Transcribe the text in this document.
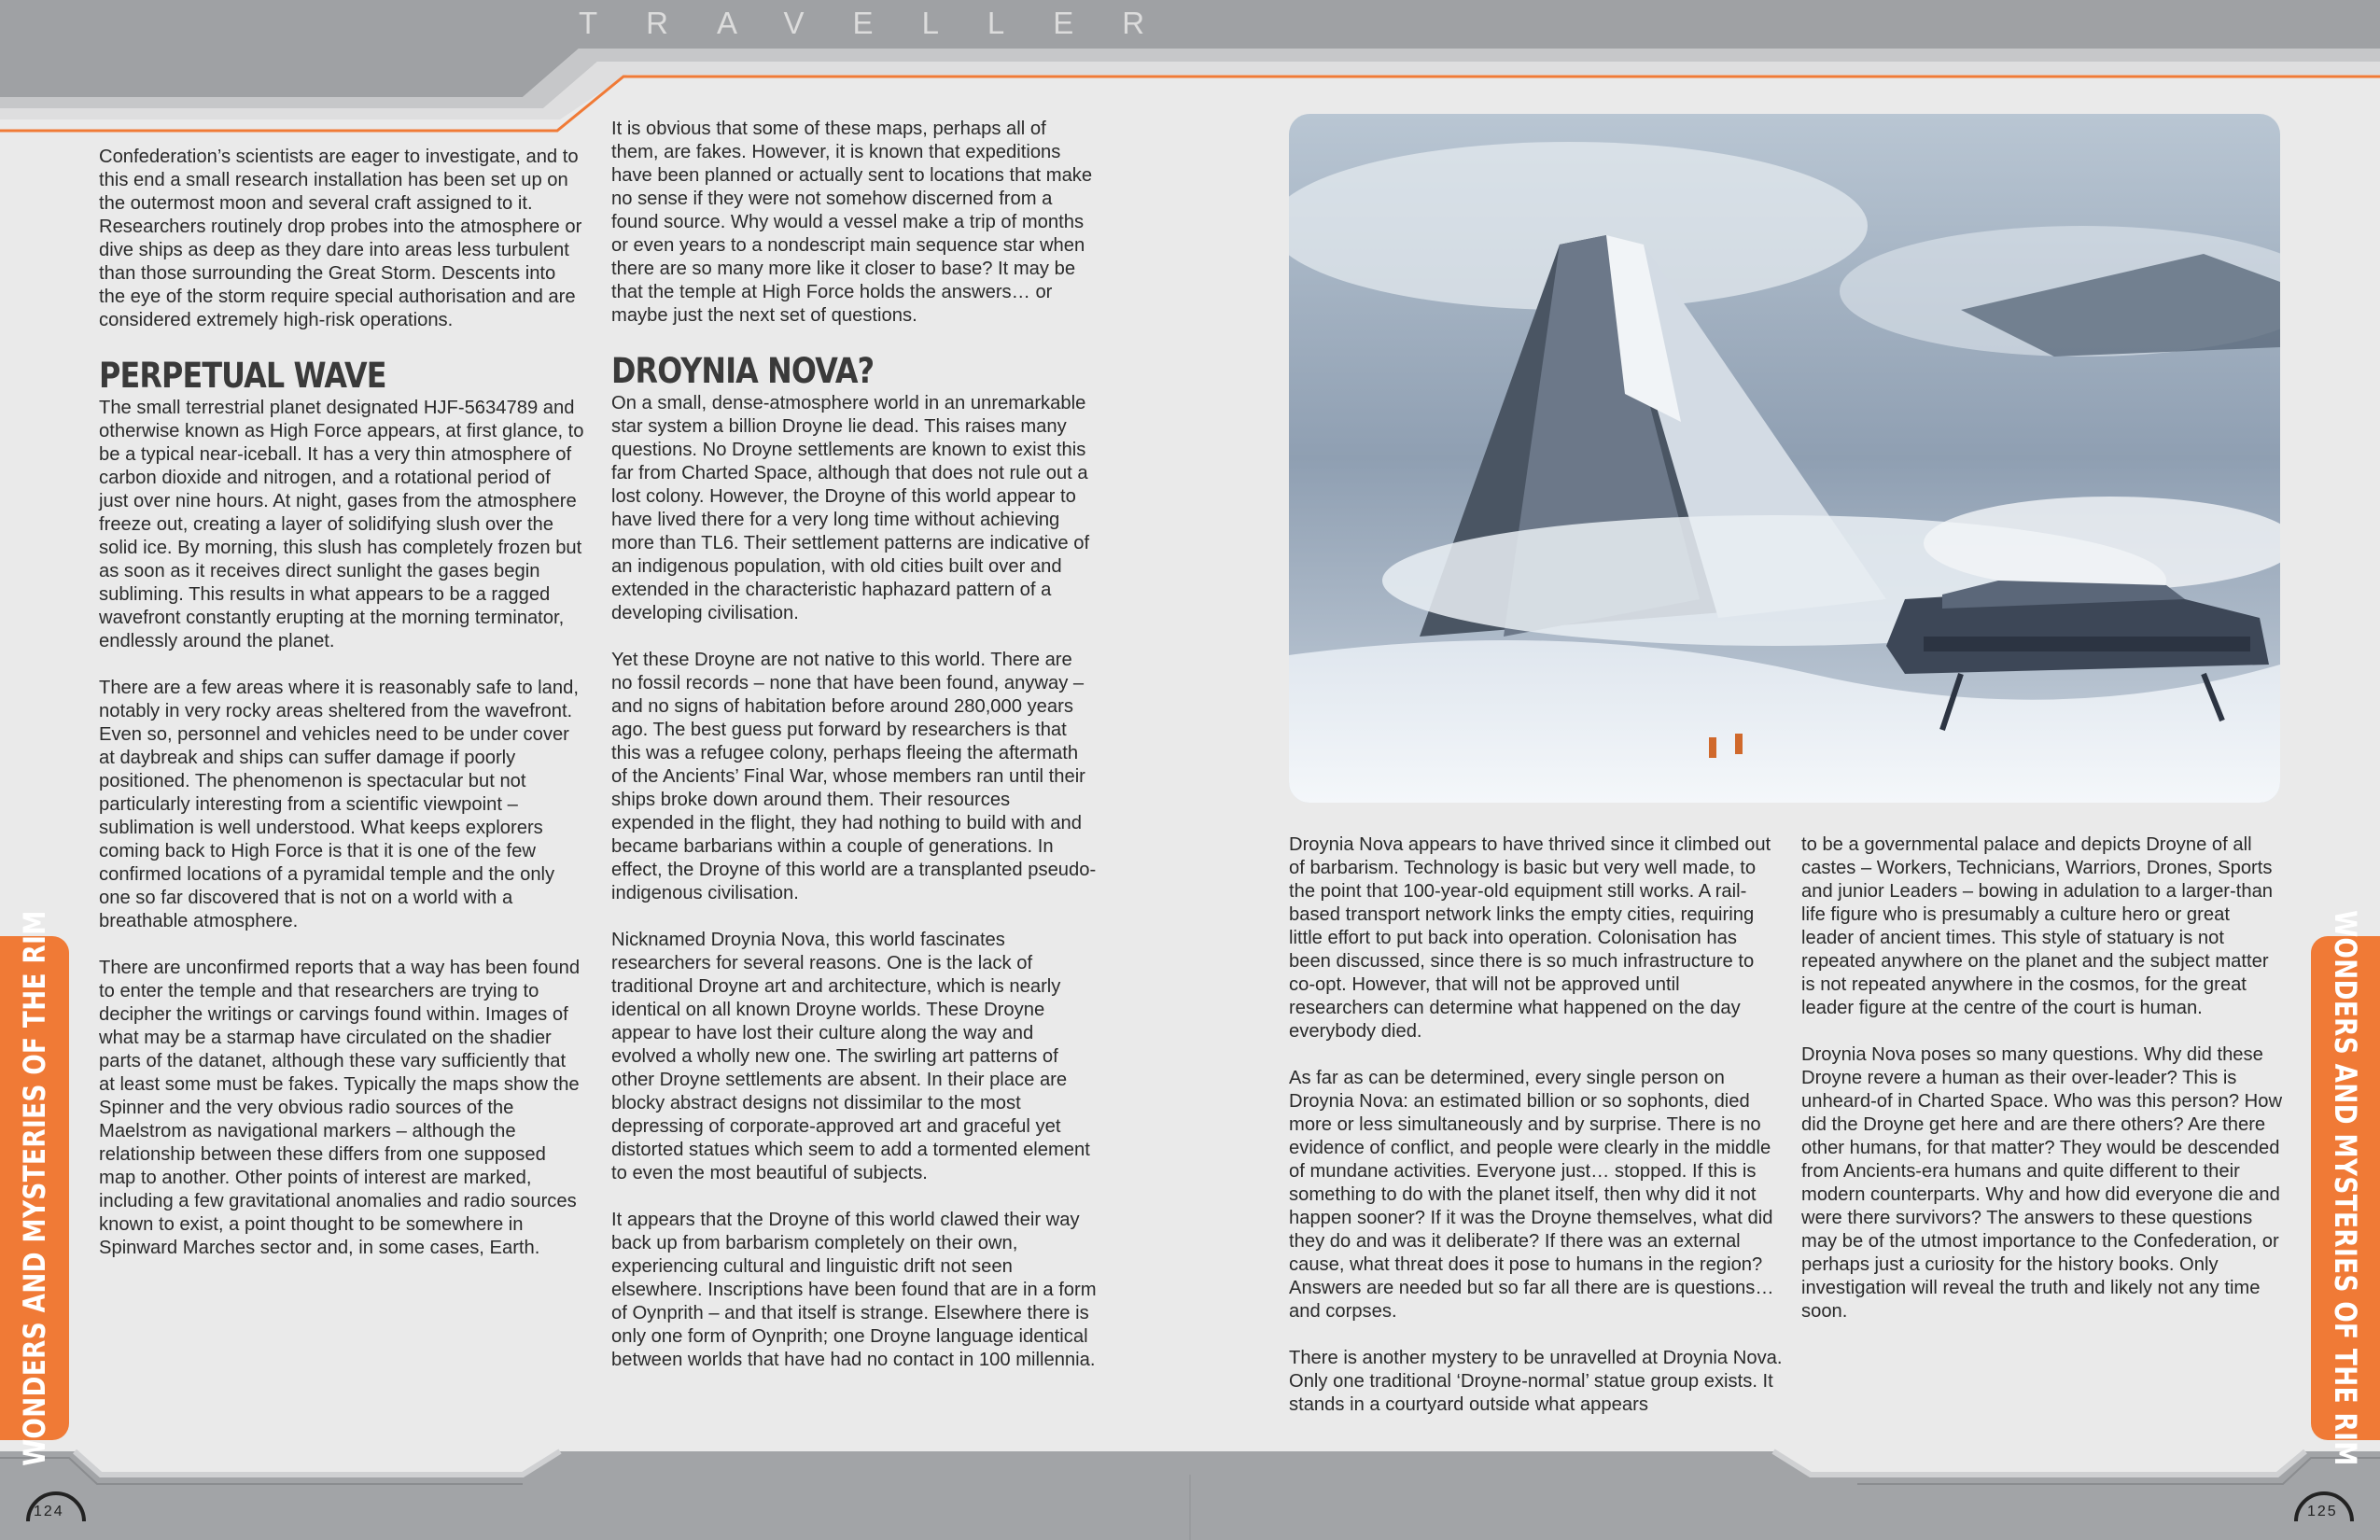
TRAVELLER

Confederation’s scientists are eager to investigate, and to this end a small research installation has been set up on the outermost moon and several craft assigned to it. Researchers routinely drop probes into the atmosphere or dive ships as deep as they dare into areas less turbulent than those surrounding the Great Storm. Descents into the eye of the storm require special authorisation and are considered extremely high-risk operations.

PERPETUAL WAVE

The small terrestrial planet designated HJF-5634789 and otherwise known as High Force appears, at first glance, to be a typical near-iceball. It has a very thin atmosphere of carbon dioxide and nitrogen, and a rotational period of just over nine hours. At night, gases from the atmosphere freeze out, creating a layer of solidifying slush over the solid ice. By morning, this slush has completely frozen but as soon as it receives direct sunlight the gases begin subliming. This results in what appears to be a ragged wavefront constantly erupting at the morning terminator, endlessly around the planet.

There are a few areas where it is reasonably safe to land, notably in very rocky areas sheltered from the wavefront. Even so, personnel and vehicles need to be under cover at daybreak and ships can suffer damage if poorly positioned. The phenomenon is spectacular but not particularly interesting from a scientific viewpoint – sublimation is well understood. What keeps explorers coming back to High Force is that it is one of the few confirmed locations of a pyramidal temple and the only one so far discovered that is not on a world with a breathable atmosphere.

There are unconfirmed reports that a way has been found to enter the temple and that researchers are trying to decipher the writings or carvings found within. Images of what may be a starmap have circulated on the shadier parts of the datanet, although these vary sufficiently that at least some must be fakes. Typically the maps show the Spinner and the very obvious radio sources of the Maelstrom as navigational markers – although the relationship between these differs from one supposed map to another. Other points of interest are marked, including a few gravitational anomalies and radio sources known to exist, a point thought to be somewhere in Spinward Marches sector and, in some cases, Earth.

It is obvious that some of these maps, perhaps all of them, are fakes. However, it is known that expeditions have been planned or actually sent to locations that make no sense if they were not somehow discerned from a found source. Why would a vessel make a trip of months or even years to a nondescript main sequence star when there are so many more like it closer to base? It may be that the temple at High Force holds the answers… or maybe just the next set of questions.

DROYNIA NOVA?

On a small, dense-atmosphere world in an unremarkable star system a billion Droyne lie dead. This raises many questions. No Droyne settlements are known to exist this far from Charted Space, although that does not rule out a lost colony. However, the Droyne of this world appear to have lived there for a very long time without achieving more than TL6. Their settlement patterns are indicative of an indigenous population, with old cities built over and extended in the characteristic haphazard pattern of a developing civilisation.

Yet these Droyne are not native to this world. There are no fossil records – none that have been found, anyway – and no signs of habitation before around 280,000 years ago. The best guess put forward by researchers is that this was a refugee colony, perhaps fleeing the aftermath of the Ancients’ Final War, whose members ran until their ships broke down around them. Their resources expended in the flight, they had nothing to build with and became barbarians within a couple of generations. In effect, the Droyne of this world are a transplanted pseudo-indigenous civilisation.

Nicknamed Droynia Nova, this world fascinates researchers for several reasons. One is the lack of traditional Droyne art and architecture, which is nearly identical on all known Droyne worlds. These Droyne appear to have lost their culture along the way and evolved a wholly new one. The swirling art patterns of other Droyne settlements are absent. In their place are blocky abstract designs not dissimilar to the most depressing of corporate-approved art and graceful yet distorted statues which seem to add a tormented element to even the most beautiful of subjects.

It appears that the Droyne of this world clawed their way back up from barbarism completely on their own, experiencing cultural and linguistic drift not seen elsewhere. Inscriptions have been found that are in a form of Oynprith – and that itself is strange. Elsewhere there is only one form of Oynprith; one Droyne language identical between worlds that have had no contact in 100 millennia.

Droynia Nova appears to have thrived since it climbed out of barbarism. Technology is basic but very well made, to the point that 100-year-old equipment still works. A rail-based transport network links the empty cities, requiring little effort to put back into operation. Colonisation has been discussed, since there is so much infrastructure to co-opt. However, that will not be approved until researchers can determine what happened on the day everybody died.

As far as can be determined, every single person on Droynia Nova: an estimated billion or so sophonts, died more or less simultaneously and by surprise. There is no evidence of conflict, and people were clearly in the middle of mundane activities. Everyone just… stopped. If this is something to do with the planet itself, then why did it not happen sooner? If it was the Droyne themselves, what did they do and was it deliberate? If there was an external cause, what threat does it pose to humans in the region? Answers are needed but so far all there are is questions… and corpses.

There is another mystery to be unravelled at Droynia Nova. Only one traditional ‘Droyne-normal’ statue group exists. It stands in a courtyard outside what appears

to be a governmental palace and depicts Droyne of all castes – Workers, Technicians, Warriors, Drones, Sports and junior Leaders – bowing in adulation to a larger-than life figure who is presumably a culture hero or great leader of ancient times. This style of statuary is not repeated anywhere on the planet and the subject matter is not repeated anywhere in the cosmos, for the great leader figure at the centre of the court is human.

Droynia Nova poses so many questions. Why did these Droyne revere a human as their over-leader? This is unheard-of in Charted Space. Who was this person? How did the Droyne get here and are there others? Are there other humans, for that matter? They would be descended from Ancients-era humans and quite different to their modern counterparts. Why and how did everyone die and were there survivors? The answers to these questions may be of the utmost importance to the Confederation, or perhaps just a curiosity for the history books. Only investigation will reveal the truth and likely not any time soon.

WONDERS AND MYSTERIES OF THE RIM	WONDERS AND MYSTERIES OF THE RIM
124	125
